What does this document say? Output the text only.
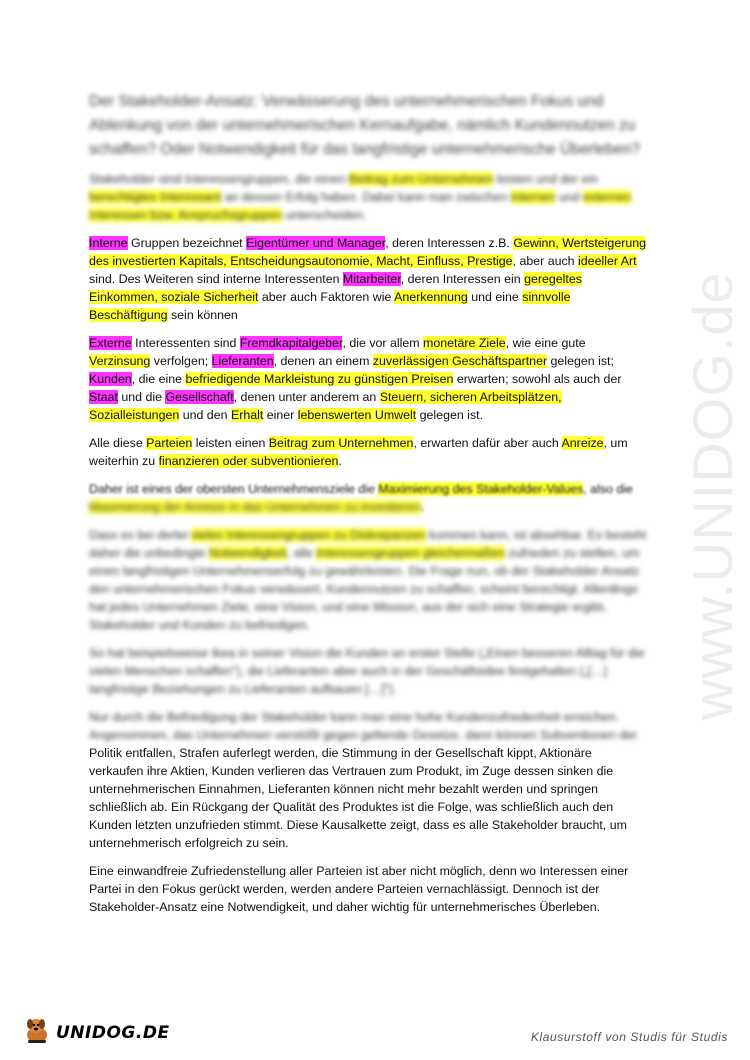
www.UNIDOG.de
Der Stakeholder-Ansatz: Verwässerung des unternehmerischen Fokus und Ablenkung von der unternehmerischen Kernaufgabe, nämlich Kundennutzen zu schaffen? Oder Notwendigkeit für das langfristige unternehmerische Überleben?

Stakeholder sind Interessengruppen, die einen Beitrag zum Unternehmen leisten und der ein berechtigtes Interessant an dessen Erfolg haben. Dabei kann man zwischen internen und externen Interessen bzw. Anspruchsgruppen unterscheiden.

Interne Gruppen bezeichnet Eigentümer und Manager, deren Interessen z.B. Gewinn, Wertsteigerung des investierten Kapitals, Entscheidungsautonomie, Macht, Einfluss, Prestige, aber auch ideeller Art sind. Des Weiteren sind interne Interessenten Mitarbeiter, deren Interessen ein geregeltes Einkommen, soziale Sicherheit aber auch Faktoren wie Anerkennung und eine sinnvolle Beschäftigung sein können

Externe Interessenten sind Fremdkapitalgeber, die vor allem monetäre Ziele, wie eine gute Verzinsung verfolgen; Lieferanten, denen an einem zuverlässigen Geschäftspartner gelegen ist; Kunden, die eine befriedigende Markleistung zu günstigen Preisen erwarten; sowohl als auch der Staat und die Gesellschaft, denen unter anderem an Steuern, sicheren Arbeitsplätzen, Sozialleistungen und den Erhalt einer lebenswerten Umwelt gelegen ist.

Alle diese Parteien leisten einen Beitrag zum Unternehmen, erwarten dafür aber auch Anreize, um weiterhin zu finanzieren oder subventionieren.

Daher ist eines der obersten Unternehmensziele die Maximierung des Stakeholder-Values, also die Maximierung der Anreize in das Unternehmen zu investieren.

Dass es bei derlei vielen Interessengruppen zu Diskrepanzen kommen kann, ist absehbar. Es besteht daher die unbedingte Notwendigkeit, alle Interessengruppen gleichermaßen zufrieden zu stellen, um einen langfristigen Unternehmenserfolg zu gewährleisten. Die Frage nun, ob der Stakeholder Ansatz den unternehmerischen Fokus verwässert, Kundennutzen zu schaffen, scheint berechtigt. Allerdings hat jedes Unternehmen Ziele, eine Vision, und eine Mission, aus der sich eine Strategie ergibt, Stakeholder und Kunden zu befriedigen.

So hat beispielsweise Ikea in seiner Vision die Kunden an erster Stelle („Einen besseren Alltag für die vielen Menschen schaffen"), die Lieferanten aber auch in der Geschäftsidee festgehalten („[…] langfristige Beziehungen zu Lieferanten aufbauen […]").

Nur durch die Befriedigung der Stakeholder kann man eine hohe Kundenzufriedenheit erreichen. Angenommen, das Unternehmen verstößt gegen geltende Gesetze, dann können Subventionen der
Politik entfallen, Strafen auferlegt werden, die Stimmung in der Gesellschaft kippt, Aktionäre verkaufen ihre Aktien, Kunden verlieren das Vertrauen zum Produkt, im Zuge dessen sinken die unternehmerischen Einnahmen, Lieferanten können nicht mehr bezahlt werden und springen schließlich ab. Ein Rückgang der Qualität des Produktes ist die Folge, was schließlich auch den Kunden letzten unzufrieden stimmt. Diese Kausalkette zeigt, dass es alle Stakeholder braucht, um unternehmerisch erfolgreich zu sein.

Eine einwandfreie Zufriedenstellung aller Parteien ist aber nicht möglich, denn wo Interessen einer Partei in den Fokus gerückt werden, werden andere Parteien vernachlässigt. Dennoch ist der Stakeholder-Ansatz eine Notwendigkeit, und daher wichtig für unternehmerisches Überleben.

UNIDOG.DE	Klausurstoff von Studis für Studis
